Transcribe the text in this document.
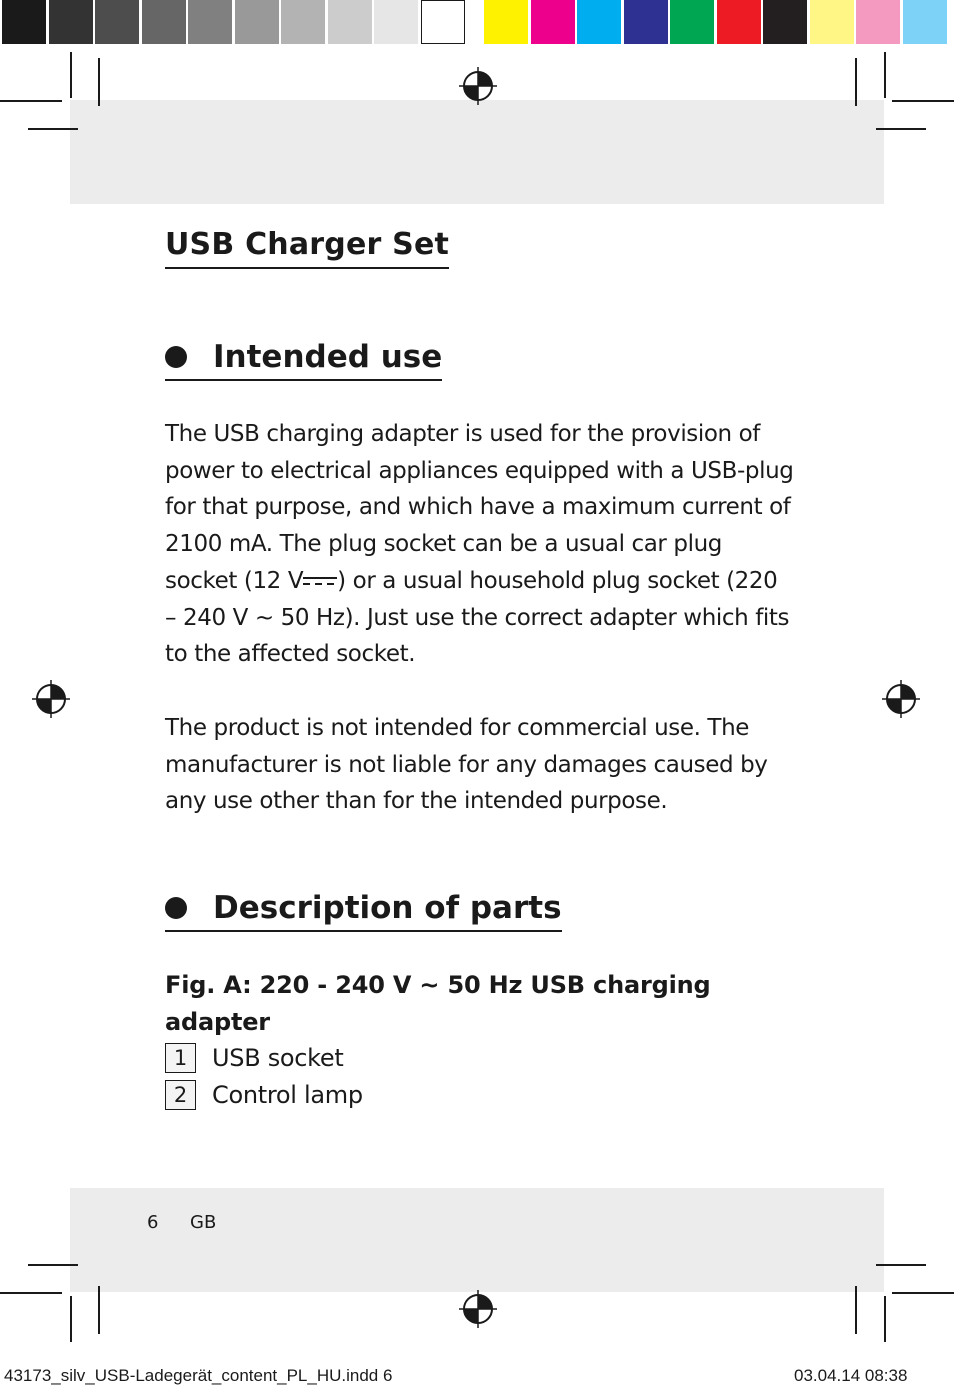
USB Charger Set
Intended use

The USB charging adapter is used for the provision of power to electrical appliances equipped with a USB-plug for that purpose, and which have a maximum current of 2100 mA. The plug socket can be a usual car plug socket (12 V ) or a usual household plug socket (220 – 240 V ~ 50 Hz). Just use the correct adapter which fits to the affected socket.

The product is not intended for commercial use. The manufacturer is not liable for any damages caused by any use other than for the intended purpose.

Description of parts

Fig. A: 220 - 240 V ~ 50 Hz USB charging adapter

1	USB socket
2	Control lamp
6 GB
43173_silv_USB-Ladegerät_content_PL_HU.indd 6	03.04.14 08:38
